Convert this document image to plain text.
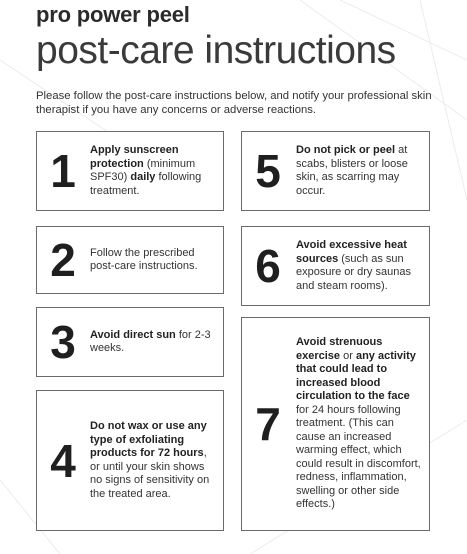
pro power peel
post-care instructions
Please follow the post-care instructions below, and notify your professional skin therapist if you have any concerns or adverse reactions.
1	Apply sunscreen protection (minimum SPF30) daily following treatment.
2	Follow the prescribed post-care instructions.
3	Avoid direct sun for 2-3 weeks.
4
Do not wax or use any type of exfoliating products for 72 hours, or until your skin shows no signs of sensitivity on the treated area.
5	Do not pick or peel at scabs, blisters or loose skin, as scarring may occur.
6	Avoid excessive heat sources (such as sun exposure or dry saunas and steam rooms).
7
Avoid strenuous exercise or any activity that could lead to increased blood circulation to the face for 24 hours following treatment. (This can cause an increased warming effect, which could result in discomfort, redness, inflammation, swelling or other side effects.)
